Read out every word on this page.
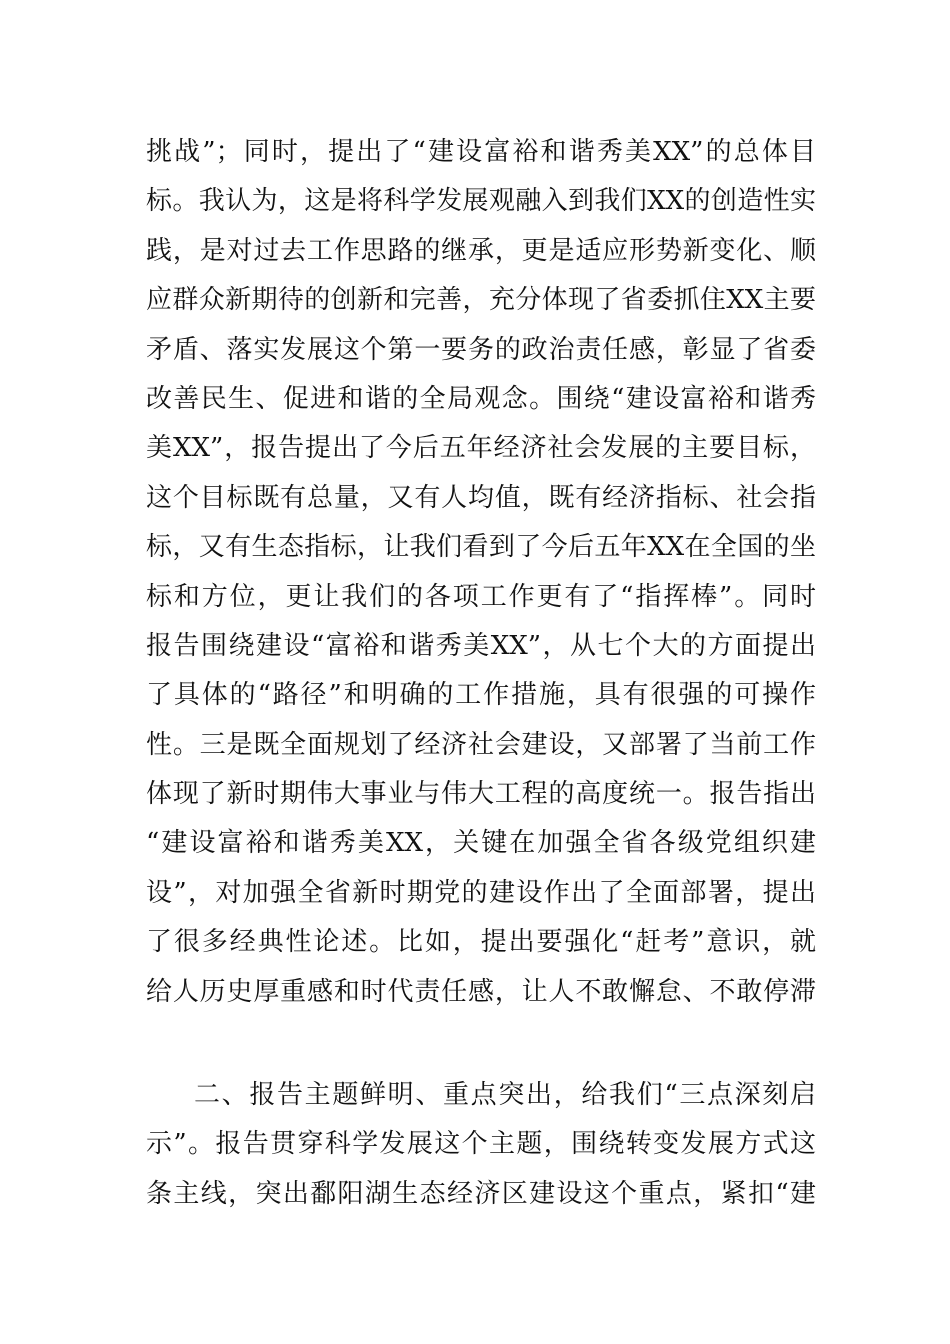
挑战”；同时，提出了“建设富裕和谐秀美XX”的总体目
标。我认为，这是将科学发展观融入到我们XX的创造性实
践，是对过去工作思路的继承，更是适应形势新变化、顺
应群众新期待的创新和完善，充分体现了省委抓住XX主要
矛盾、落实发展这个第一要务的政治责任感，彰显了省委
改善民生、促进和谐的全局观念。围绕“建设富裕和谐秀
美XX”，报告提出了今后五年经济社会发展的主要目标，
这个目标既有总量，又有人均值，既有经济指标、社会指
标，又有生态指标，让我们看到了今后五年XX在全国的坐
标和方位，更让我们的各项工作更有了“指挥棒”。同时
报告围绕建设“富裕和谐秀美XX”，从七个大的方面提出
了具体的“路径”和明确的工作措施，具有很强的可操作
性。三是既全面规划了经济社会建设，又部署了当前工作
体现了新时期伟大事业与伟大工程的高度统一。报告指出
“建设富裕和谐秀美XX，关键在加强全省各级党组织建
设”，对加强全省新时期党的建设作出了全面部署，提出
了很多经典性论述。比如，提出要强化“赶考”意识，就
给人历史厚重感和时代责任感，让人不敢懈怠、不敢停滞
二、报告主题鲜明、重点突出，给我们“三点深刻启
示”。报告贯穿科学发展这个主题，围绕转变发展方式这
条主线，突出鄱阳湖生态经济区建设这个重点，紧扣“建
